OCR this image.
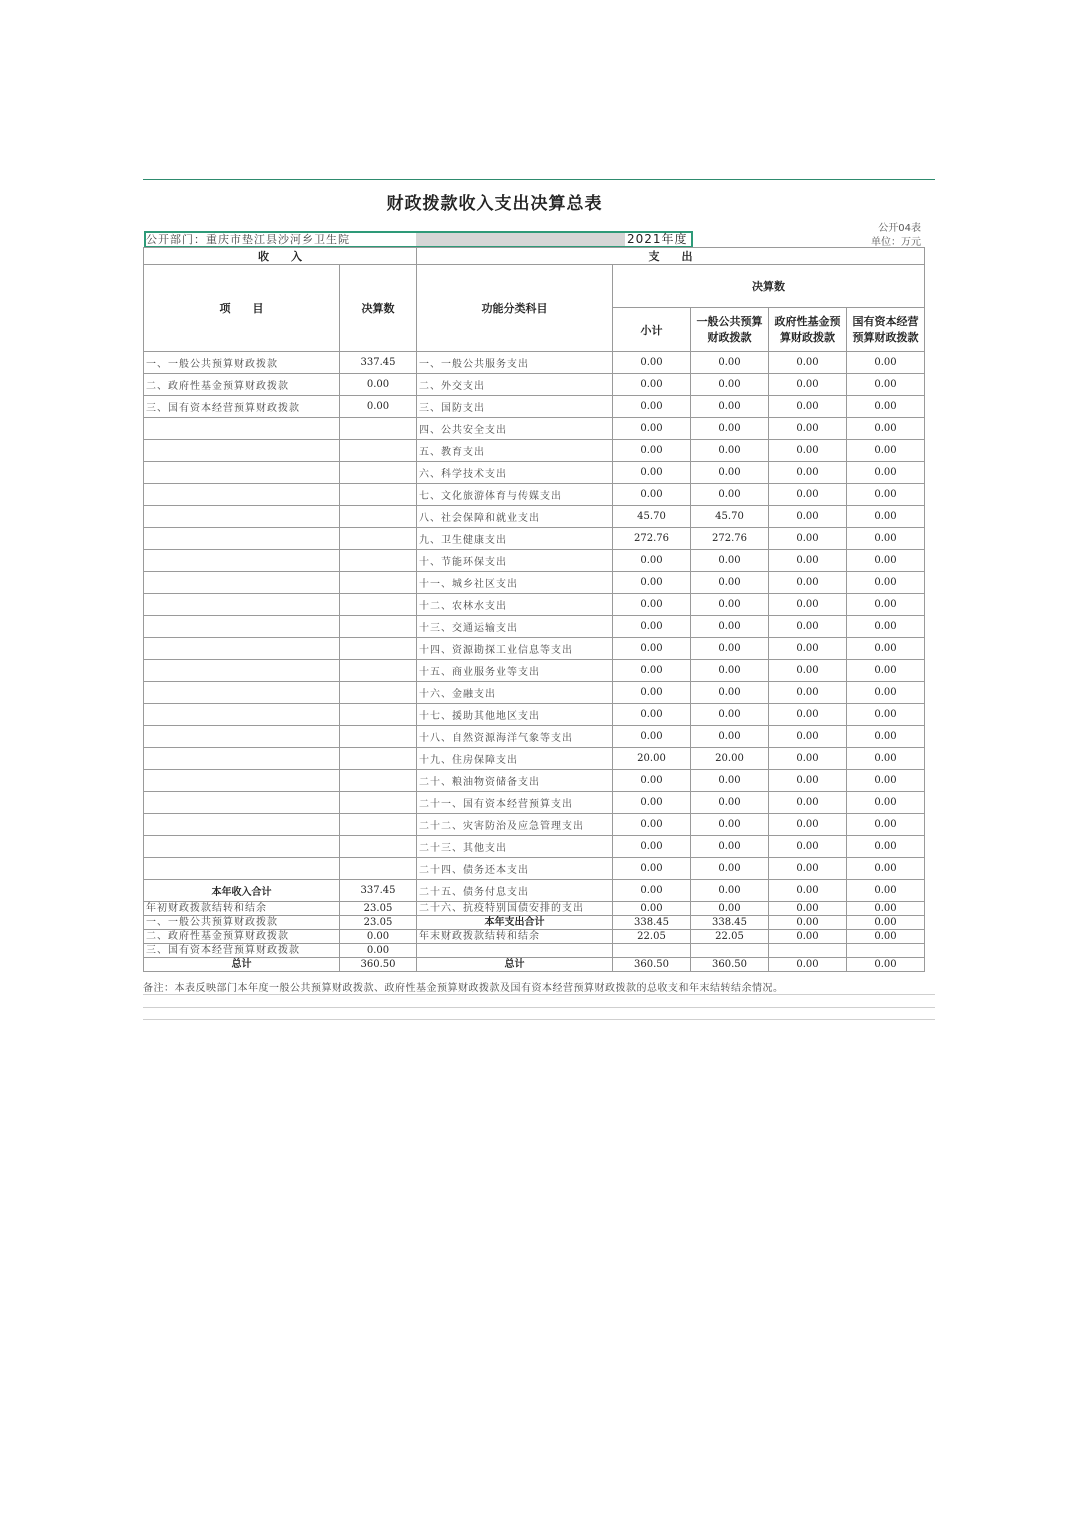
财政拨款收入支出决算总表
公开04表
公开部门：重庆市垫江县沙河乡卫生院	2021年度	单位：万元
收　　入		支　　出				
项　　目	决算数	功能分类科目	决算数			
			小计	一般公共预算财政拨款	政府性基金预算财政拨款	国有资本经营预算财政拨款
一、一般公共预算财政拨款	337.45	一、一般公共服务支出	0.00	0.00	0.00	0.00
二、政府性基金预算财政拨款	0.00	二、外交支出	0.00	0.00	0.00	0.00
三、国有资本经营预算财政拨款	0.00	三、国防支出	0.00	0.00	0.00	0.00
		四、公共安全支出	0.00	0.00	0.00	0.00
		五、教育支出	0.00	0.00	0.00	0.00
		六、科学技术支出	0.00	0.00	0.00	0.00
		七、文化旅游体育与传媒支出	0.00	0.00	0.00	0.00
		八、社会保障和就业支出	45.70	45.70	0.00	0.00
		九、卫生健康支出	272.76	272.76	0.00	0.00
		十、节能环保支出	0.00	0.00	0.00	0.00
		十一、城乡社区支出	0.00	0.00	0.00	0.00
		十二、农林水支出	0.00	0.00	0.00	0.00
		十三、交通运输支出	0.00	0.00	0.00	0.00
		十四、资源勘探工业信息等支出	0.00	0.00	0.00	0.00
		十五、商业服务业等支出	0.00	0.00	0.00	0.00
		十六、金融支出	0.00	0.00	0.00	0.00
		十七、援助其他地区支出	0.00	0.00	0.00	0.00
		十八、自然资源海洋气象等支出	0.00	0.00	0.00	0.00
		十九、住房保障支出	20.00	20.00	0.00	0.00
		二十、粮油物资储备支出	0.00	0.00	0.00	0.00
		二十一、国有资本经营预算支出	0.00	0.00	0.00	0.00
		二十二、灾害防治及应急管理支出	0.00	0.00	0.00	0.00
		二十三、其他支出	0.00	0.00	0.00	0.00
		二十四、债务还本支出	0.00	0.00	0.00	0.00
本年收入合计	337.45	二十五、债务付息支出	0.00	0.00	0.00	0.00
年初财政拨款结转和结余	23.05	二十六、抗疫特别国债安排的支出	0.00	0.00	0.00	0.00
一、一般公共预算财政拨款	23.05	本年支出合计	338.45	338.45	0.00	0.00
二、政府性基金预算财政拨款	0.00	年末财政拨款结转和结余	22.05	22.05	0.00	0.00
三、国有资本经营预算财政拨款	0.00					
总计	360.50	总计	360.50	360.50	0.00	0.00
备注：本表反映部门本年度一般公共预算财政拨款、政府性基金预算财政拨款及国有资本经营预算财政拨款的总收支和年末结转结余情况。
